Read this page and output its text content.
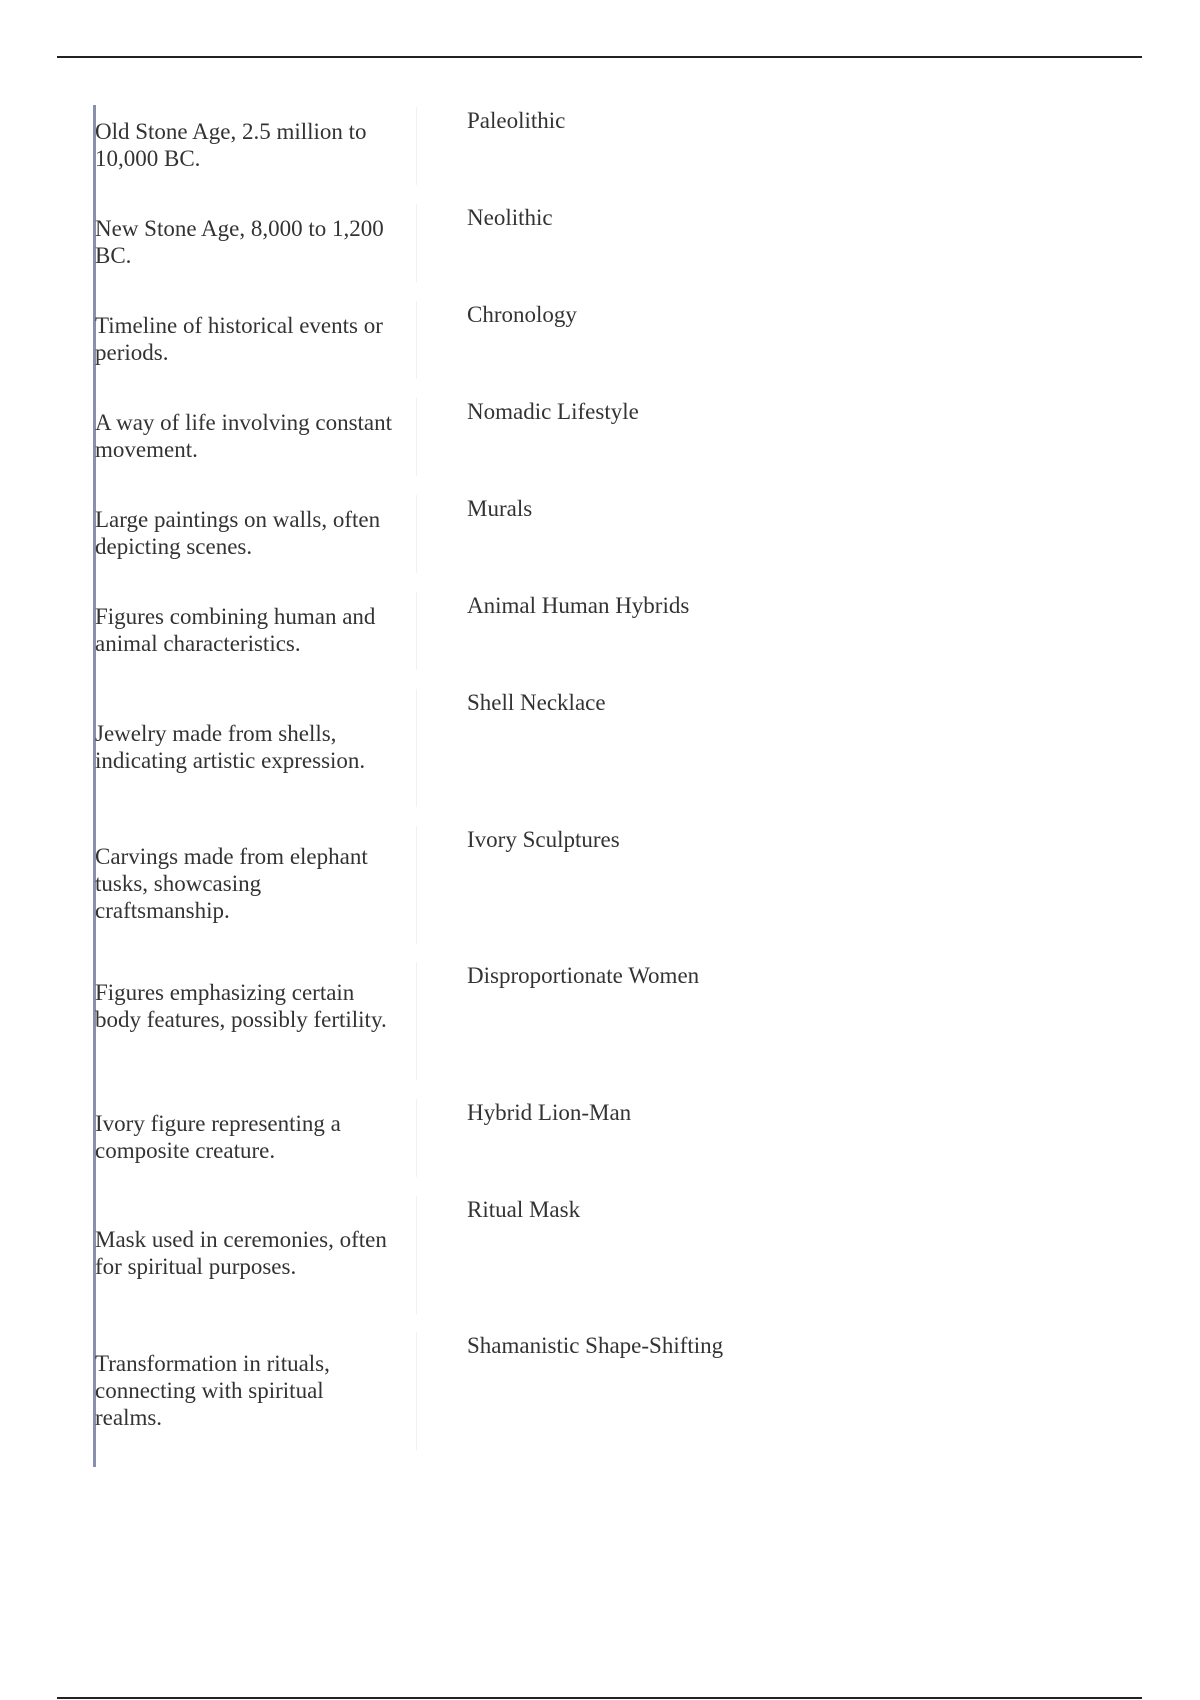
Paleolithic
Old Stone Age, 2.5 million to 10,000 BC.
Neolithic
New Stone Age, 8,000 to 1,200 BC.
Chronology
Timeline of historical events or periods.
Nomadic Lifestyle
A way of life involving constant movement.
Murals
Large paintings on walls, often depicting scenes.
Animal Human Hybrids
Figures combining human and animal characteristics.
Shell Necklace
Jewelry made from shells, indicating artistic expression.
Ivory Sculptures
Carvings made from elephant tusks, showcasing craftsmanship.
Disproportionate Women
Figures emphasizing certain body features, possibly fertility.
Hybrid Lion-Man
Ivory figure representing a composite creature.
Ritual Mask
Mask used in ceremonies, often for spiritual purposes.
Shamanistic Shape-Shifting
Transformation in rituals, connecting with spiritual realms.
